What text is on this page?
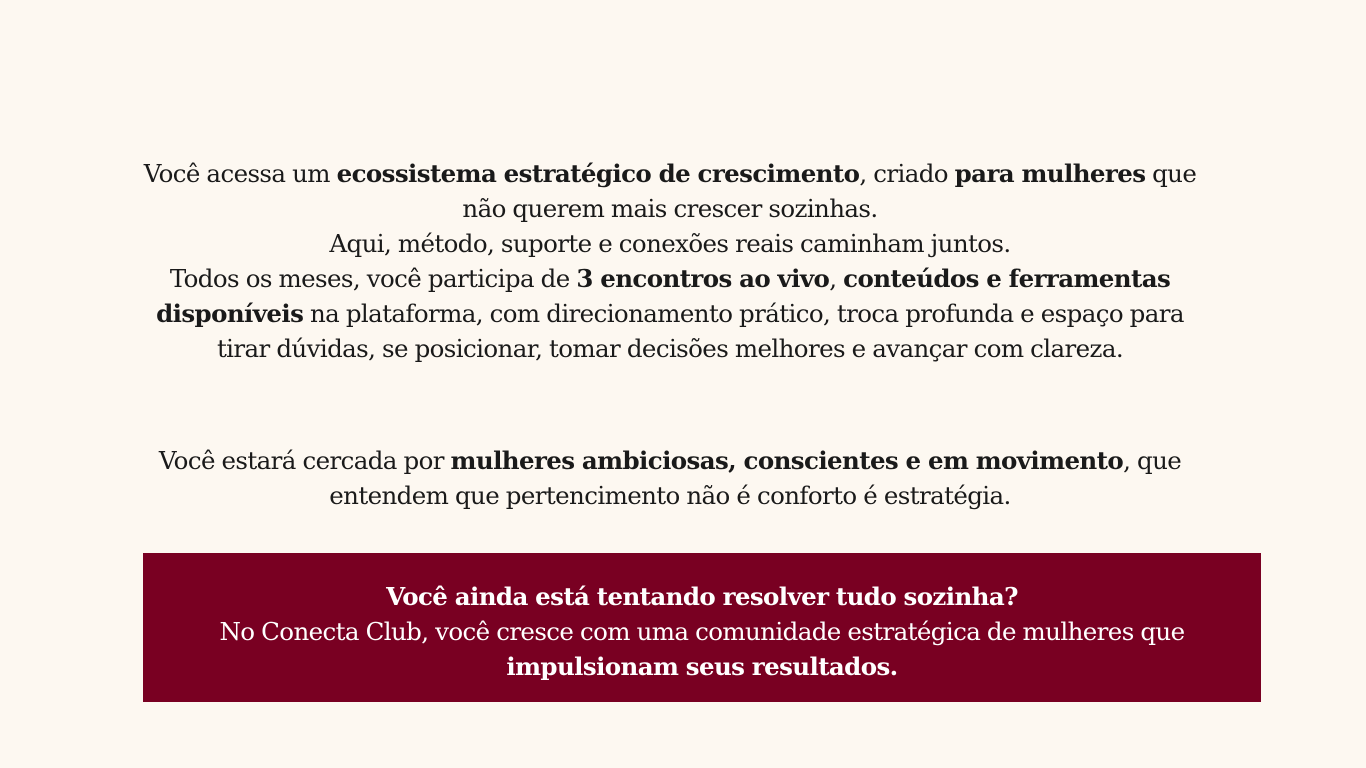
Você acessa um ecossistema estratégico de crescimento, criado para mulheres que
não querem mais crescer sozinhas.
Aqui, método, suporte e conexões reais caminham juntos.
Todos os meses, você participa de 3 encontros ao vivo, conteúdos e ferramentas
disponíveis na plataforma, com direcionamento prático, troca profunda e espaço para
tirar dúvidas, se posicionar, tomar decisões melhores e avançar com clareza.
Você estará cercada por mulheres ambiciosas, conscientes e em movimento, que
entendem que pertencimento não é conforto é estratégia.
Você ainda está tentando resolver tudo sozinha?
No Conecta Club, você cresce com uma comunidade estratégica de mulheres que
impulsionam seus resultados.
